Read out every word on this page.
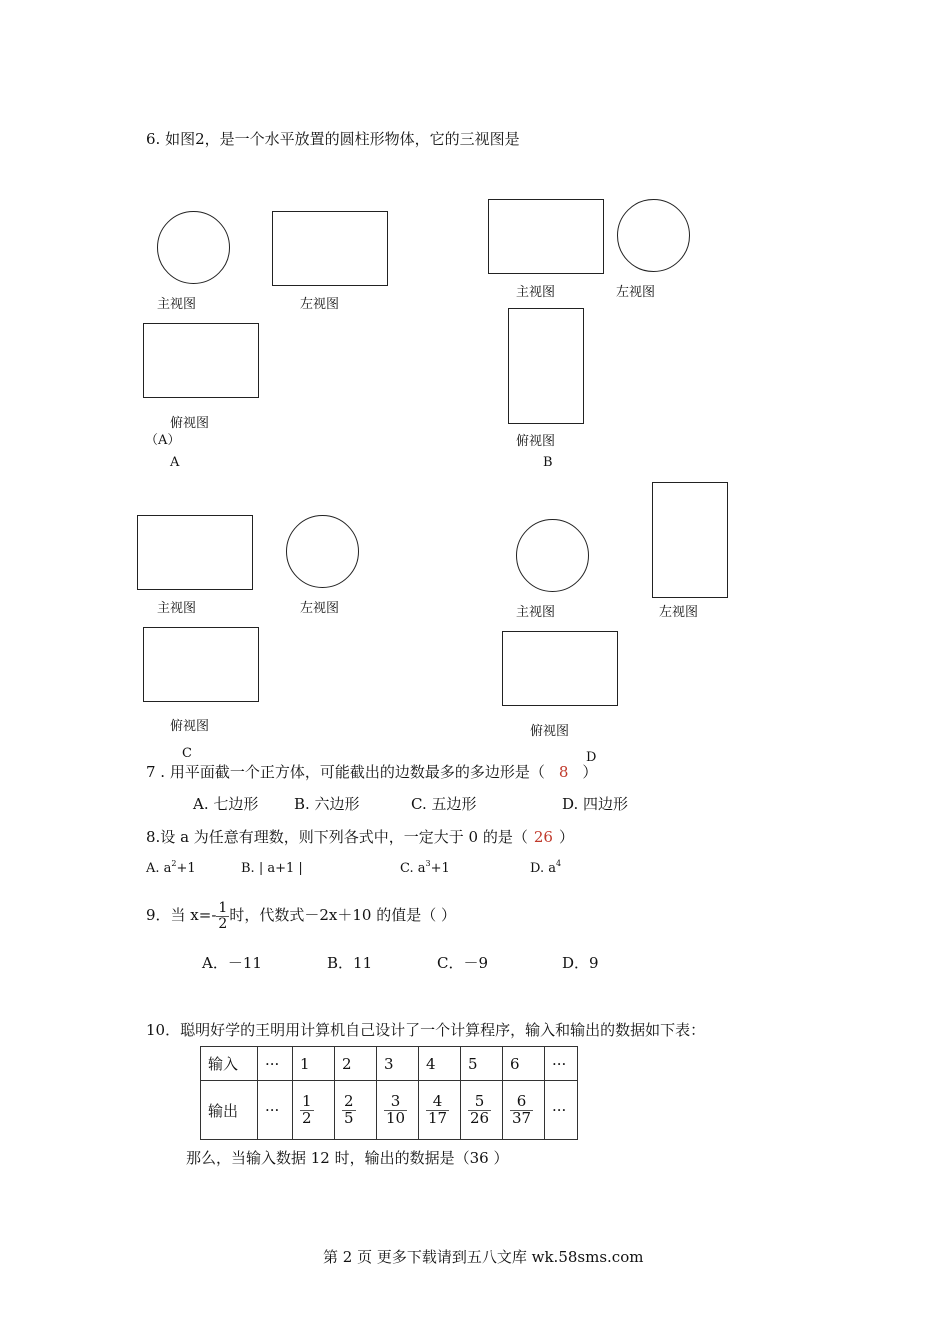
6. 如图2，是一个水平放置的圆柱形物体，它的三视图是
主视图	左视图
俯视图
（A）
A
主视图	左视图
俯视图
B
主视图	左视图
俯视图
C
主视图	左视图
俯视图
D
7 . 用平面截一个正方体，可能截出的边数最多的多边形是（ 8 ）
A. 七边形 B. 六边形	C. 五边形	D. 四边形
8.设 a 为任意有理数，则下列各式中，一定大于 0 的是（ 26 ）
A. $a^2+1$	B. | a+1 |	C. $a^3+1$	D. $a^4$
9．当 $x=- \frac{1}{2}$ 时，代数式－2x＋10 的值是（ ）
A．－11	B．11	C．－9	D．9
10．聪明好学的王明用计算机自己设计了一个计算程序，输入和输出的数据如下表：
输入	···	1	2	3	4	5	6	···
输出	···	$\frac{1}{2}$	$\frac{2}{5}$	$\frac{3}{10}$	$\frac{4}{17}$	$\frac{5}{26}$	$\frac{6}{37}$	···
那么，当输入数据 12 时，输出的数据是（36 ）
第 2 页 更多下载请到五八文库 wk.58sms.com
